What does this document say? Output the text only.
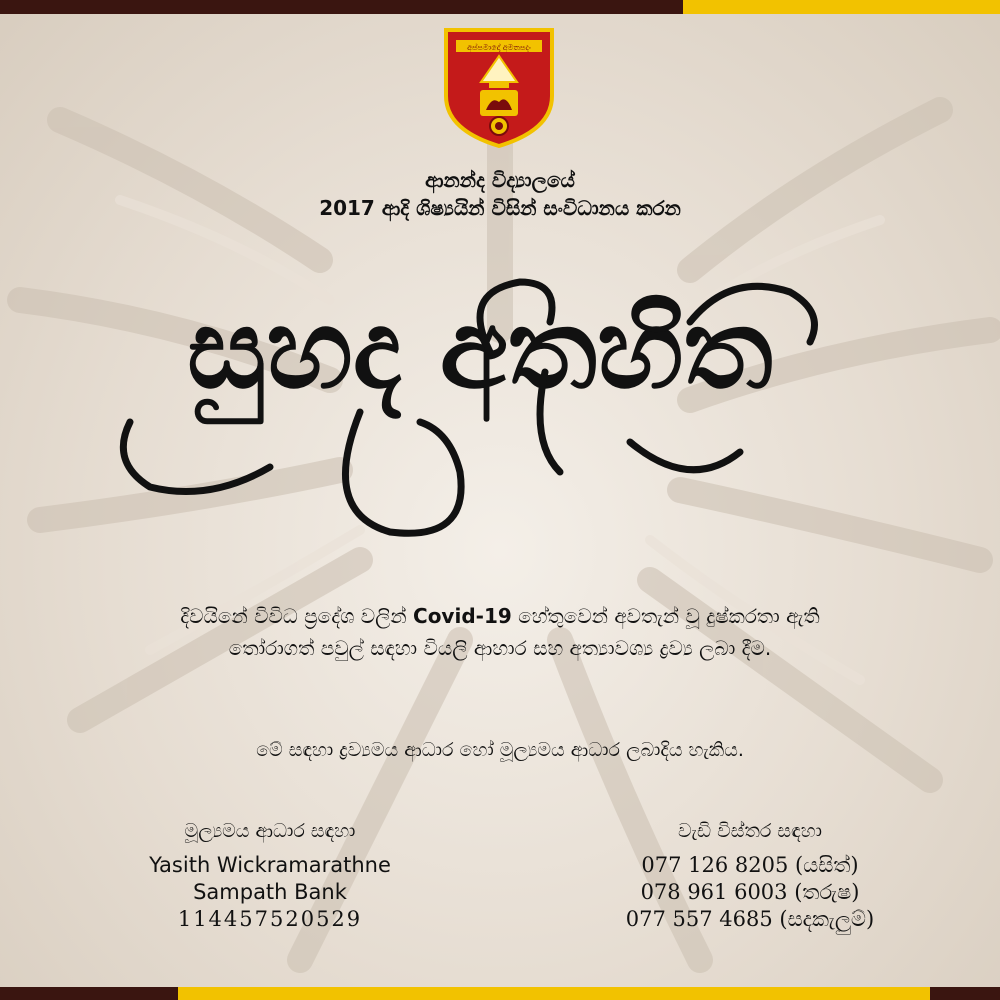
අප්පමාදෝ අමතපදං
ආනන්ද විද්‍යාලයේ
2017 ආදි ශිෂ්‍යයින් විසින් සංවිධානය කරන
සුහද අතහිත
දිවයිනේ විවිධ ප්‍රදේශ වලින් Covid-19 හේතුවෙන් අවතැන් වූ දුෂ්කරතා ඇති
තෝරාගත් පවුල් සඳහා වියලි ආහාර සහ අත්‍යාවශ්‍ය ද්‍රව්‍ය ලබා දීම.
මේ සඳහා ද්‍රව්‍යමය ආධාර හෝ මූල්‍යමය ආධාර ලබාදිය හැකිය.
මූල්‍යමය ආධාර සඳහා
Yasith Wickramarathne
Sampath Bank
114457520529
වැඩි විස්තර සඳහා
077 126 8205 (යසිත්)
078 961 6003 (තරුෂ)
077 557 4685 (සදකැලුම්)
